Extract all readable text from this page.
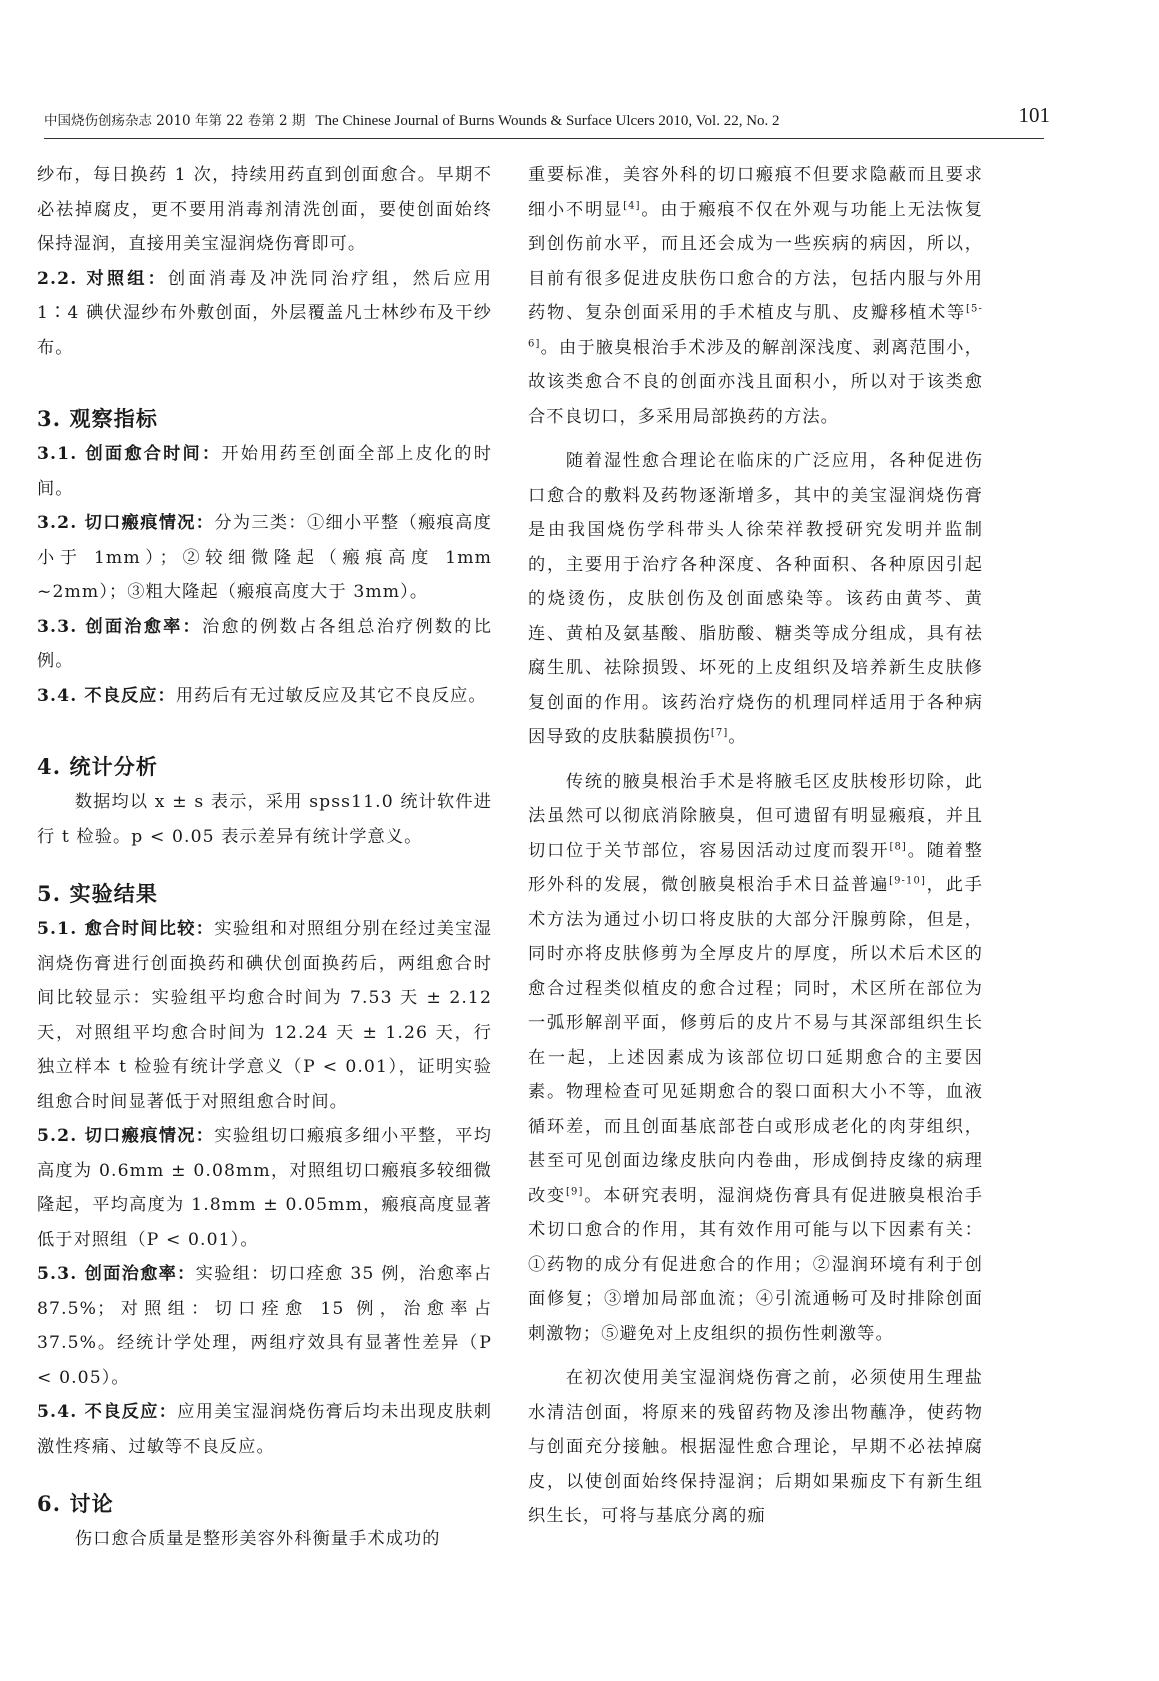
中国烧伤创疡杂志 2010 年第 22 卷第 2 期 The Chinese Journal of Burns Wounds & Surface Ulcers 2010, Vol. 22, No. 2	101

纱布，每日换药 1 次，持续用药直到创面愈合。早期不必祛掉腐皮，更不要用消毒剂清洗创面，要使创面始终保持湿润，直接用美宝湿润烧伤膏即可。

2.2. 对照组：创面消毒及冲洗同治疗组，然后应用 1∶4 碘伏湿纱布外敷创面，外层覆盖凡士林纱布及干纱布。

3. 观察指标

3.1. 创面愈合时间：开始用药至创面全部上皮化的时间。

3.2. 切口瘢痕情况：分为三类：①细小平整（瘢痕高度小于 1mm）；②较细微隆起（瘢痕高度 1mm ~2mm）；③粗大隆起（瘢痕高度大于 3mm）。

3.3. 创面治愈率：治愈的例数占各组总治疗例数的比例。

3.4. 不良反应：用药后有无过敏反应及其它不良反应。

4. 统计分析

数据均以 x ± s 表示，采用 spss11.0 统计软件进行 t 检验。p < 0.05 表示差异有统计学意义。

5. 实验结果

5.1. 愈合时间比较：实验组和对照组分别在经过美宝湿润烧伤膏进行创面换药和碘伏创面换药后，两组愈合时间比较显示：实验组平均愈合时间为 7.53 天 ± 2.12 天，对照组平均愈合时间为 12.24 天 ± 1.26 天，行独立样本 t 检验有统计学意义（P < 0.01），证明实验组愈合时间显著低于对照组愈合时间。

5.2. 切口瘢痕情况：实验组切口瘢痕多细小平整，平均高度为 0.6mm ± 0.08mm，对照组切口瘢痕多较细微隆起，平均高度为 1.8mm ± 0.05mm，瘢痕高度显著低于对照组（P < 0.01）。

5.3. 创面治愈率：实验组：切口痊愈 35 例，治愈率占 87.5%；对照组：切口痊愈 15 例，治愈率占 37.5%。经统计学处理，两组疗效具有显著性差异（P < 0.05）。

5.4. 不良反应：应用美宝湿润烧伤膏后均未出现皮肤刺激性疼痛、过敏等不良反应。

6. 讨论

伤口愈合质量是整形美容外科衡量手术成功的

重要标准，美容外科的切口瘢痕不但要求隐蔽而且要求细小不明显[4]。由于瘢痕不仅在外观与功能上无法恢复到创伤前水平，而且还会成为一些疾病的病因，所以，目前有很多促进皮肤伤口愈合的方法，包括内服与外用药物、复杂创面采用的手术植皮与肌、皮瓣移植术等[5-6]。由于腋臭根治手术涉及的解剖深浅度、剥离范围小，故该类愈合不良的创面亦浅且面积小，所以对于该类愈合不良切口，多采用局部换药的方法。

随着湿性愈合理论在临床的广泛应用，各种促进伤口愈合的敷料及药物逐渐增多，其中的美宝湿润烧伤膏是由我国烧伤学科带头人徐荣祥教授研究发明并监制的，主要用于治疗各种深度、各种面积、各种原因引起的烧烫伤，皮肤创伤及创面感染等。该药由黄芩、黄连、黄柏及氨基酸、脂肪酸、糖类等成分组成，具有祛腐生肌、祛除损毁、坏死的上皮组织及培养新生皮肤修复创面的作用。该药治疗烧伤的机理同样适用于各种病因导致的皮肤黏膜损伤[7]。

传统的腋臭根治手术是将腋毛区皮肤梭形切除，此法虽然可以彻底消除腋臭，但可遗留有明显瘢痕，并且切口位于关节部位，容易因活动过度而裂开[8]。随着整形外科的发展，微创腋臭根治手术日益普遍[9-10]，此手术方法为通过小切口将皮肤的大部分汗腺剪除，但是，同时亦将皮肤修剪为全厚皮片的厚度，所以术后术区的愈合过程类似植皮的愈合过程；同时，术区所在部位为一弧形解剖平面，修剪后的皮片不易与其深部组织生长在一起，上述因素成为该部位切口延期愈合的主要因素。物理检查可见延期愈合的裂口面积大小不等，血液循环差，而且创面基底部苍白或形成老化的肉芽组织，甚至可见创面边缘皮肤向内卷曲，形成倒持皮缘的病理改变[9]。本研究表明，湿润烧伤膏具有促进腋臭根治手术切口愈合的作用，其有效作用可能与以下因素有关：①药物的成分有促进愈合的作用；②湿润环境有利于创面修复；③增加局部血流；④引流通畅可及时排除创面刺激物；⑤避免对上皮组织的损伤性刺激等。

在初次使用美宝湿润烧伤膏之前，必须使用生理盐水清洁创面，将原来的残留药物及渗出物蘸净，使药物与创面充分接触。根据湿性愈合理论，早期不必祛掉腐皮，以使创面始终保持湿润；后期如果痂皮下有新生组织生长，可将与基底分离的痂
